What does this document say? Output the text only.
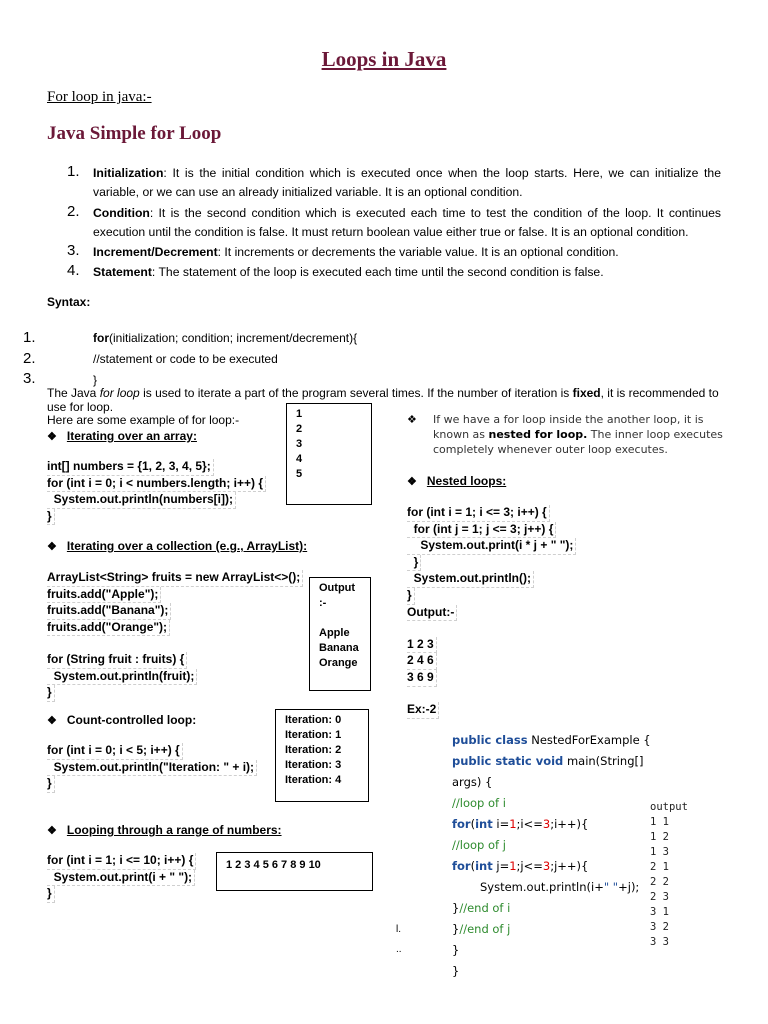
Loops in Java
For loop in java:-
Java Simple for Loop
1. Initialization: It is the initial condition which is executed once when the loop starts. Here, we can initialize the variable, or we can use an already initialized variable. It is an optional condition.
2. Condition: It is the second condition which is executed each time to test the condition of the loop. It continues execution until the condition is false. It must return boolean value either true or false. It is an optional condition.
3. Increment/Decrement: It increments or decrements the variable value. It is an optional condition.
4. Statement: The statement of the loop is executed each time until the second condition is false.
Syntax:
1.	for(initialization; condition; increment/decrement){
2.	//statement or code to be executed
3.	}
The Java for loop is used to iterate a part of the program several times. If the number of iteration is fixed, it is recommended to use for loop.
Here are some example of for loop:-
❖ Iterating over an array:
int[] numbers = {1, 2, 3, 4, 5};
for (int i = 0; i < numbers.length; i++) {
System.out.println(numbers[i]);
}
1
2
3
4
5
❖ Iterating over a collection (e.g., ArrayList):
ArrayList<String> fruits = new ArrayList<>();
fruits.add("Apple");
fruits.add("Banana");
fruits.add("Orange");
for (String fruit : fruits) {
System.out.println(fruit);
}
Output
:-
Apple
Banana
Orange
❖ Count-controlled loop:
for (int i = 0; i < 5; i++) {
System.out.println("Iteration: " + i);
}
Iteration: 0
Iteration: 1
Iteration: 2
Iteration: 3
Iteration: 4
❖ Looping through a range of numbers:
for (int i = 1; i <= 10; i++) {
System.out.print(i + " ");
}
1 2 3 4 5 6 7 8 9 10
❖ If we have a for loop inside the another loop, it is known as nested for loop. The inner loop executes completely whenever outer loop executes.
❖ Nested loops:
for (int i = 1; i <= 3; i++) {
for (int j = 1; j <= 3; j++) {
System.out.print(i * j + " ");
}
System.out.println();
}
Output:-
1 2 3
2 4 6
3 6 9
Ex:-2
public class NestedForExample {
public static void main(String[] args) {
//loop of i
for(int i=1;i<=3;i++){
//loop of j
for(int j=1;j<=3;j++){
System.out.println(i+" "+j);
}//end of i
}//end of j
}
}
l.
..
output
1 1
1 2
1 3
2 1
2 2
2 3
3 1
3 2
3 3
